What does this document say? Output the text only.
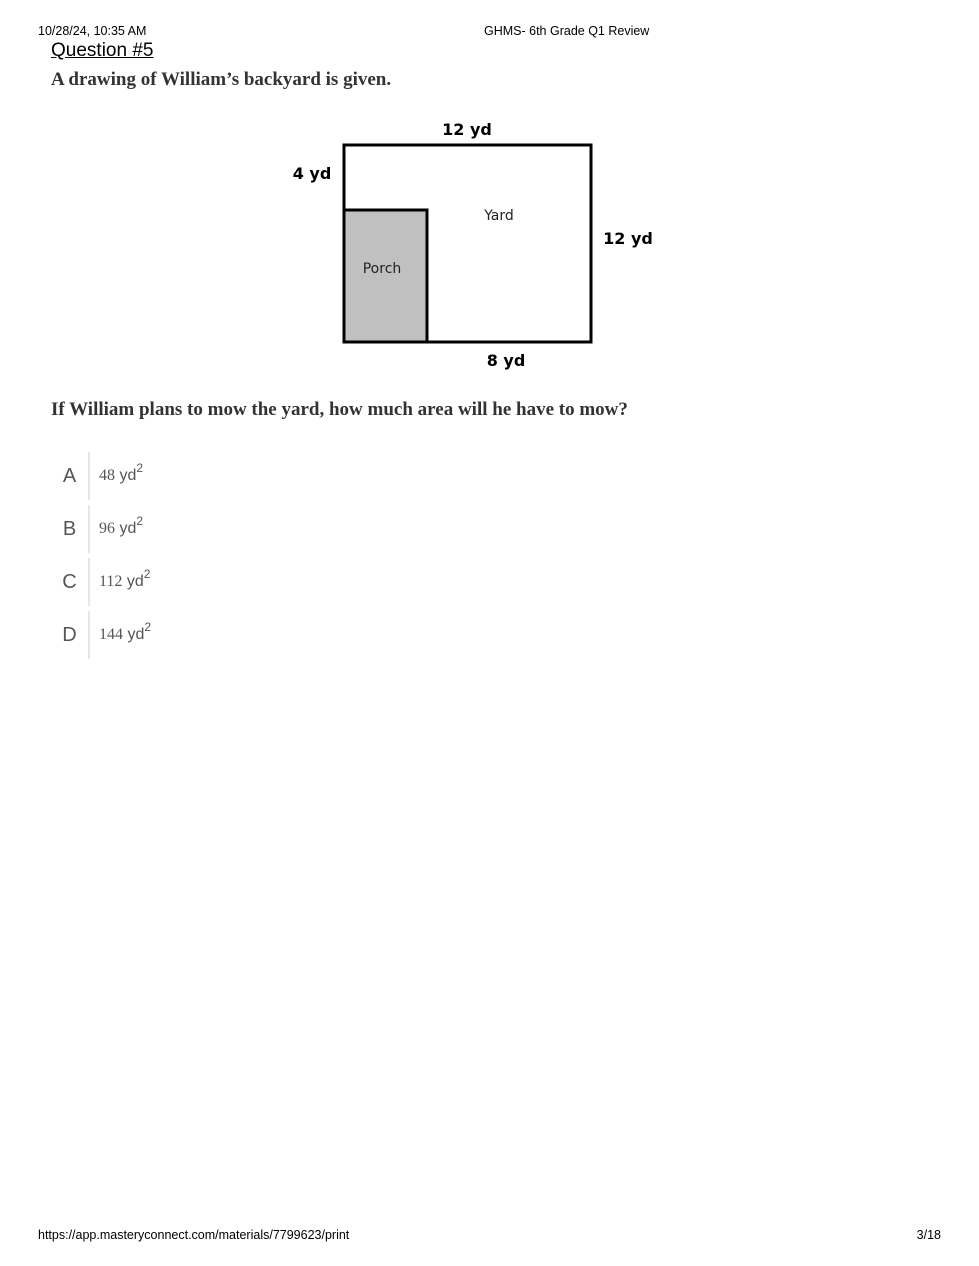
10/28/24, 10:35 AM	GHMS- 6th Grade Q1 Review
Question #5

A drawing of William’s backyard is given.

12 yd
4 yd
12 yd
8 yd
Yard
Porch

If William plans to mow the yard, how much area will he have to mow?

A	48 $yd^2$
B	96 $yd^2$
C	112 $yd^2$
D	144 $yd^2$
https://app.masteryconnect.com/materials/7799623/print	3/18
